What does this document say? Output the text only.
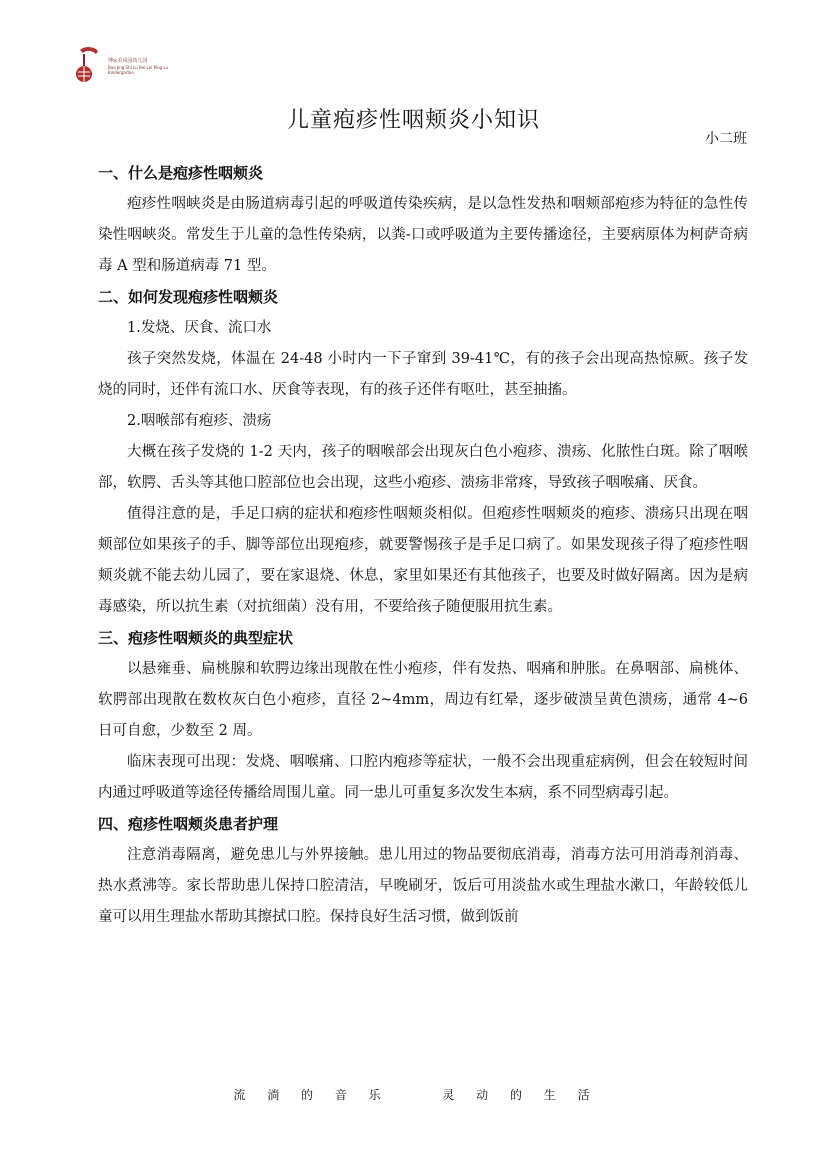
博◎美凤园幼儿园
Bao Jing Shi Lu Bei Lei Ping Lu Kindergarten
儿童疱疹性咽颊炎小知识
小二班
一、什么是疱疹性咽颊炎

疱疹性咽峡炎是由肠道病毒引起的呼吸道传染疾病，是以急性发热和咽颊部疱疹为特征的急性传染性咽峡炎。常发生于儿童的急性传染病，以粪-口或呼吸道为主要传播途径，主要病原体为柯萨奇病毒 A 型和肠道病毒 71 型。

二、如何发现疱疹性咽颊炎

1.发烧、厌食、流口水

孩子突然发烧，体温在 24-48 小时内一下子窜到 39-41℃，有的孩子会出现高热惊厥。孩子发烧的同时，还伴有流口水、厌食等表现，有的孩子还伴有呕吐，甚至抽搐。

2.咽喉部有疱疹、溃疡

大概在孩子发烧的 1-2 天内，孩子的咽喉部会出现灰白色小疱疹、溃疡、化脓性白斑。除了咽喉部，软腭、舌头等其他口腔部位也会出现，这些小疱疹、溃疡非常疼，导致孩子咽喉痛、厌食。

值得注意的是，手足口病的症状和疱疹性咽颊炎相似。但疱疹性咽颊炎的疱疹、溃疡只出现在咽颊部位如果孩子的手、脚等部位出现疱疹，就要警惕孩子是手足口病了。如果发现孩子得了疱疹性咽颊炎就不能去幼儿园了，要在家退烧、休息，家里如果还有其他孩子，也要及时做好隔离。因为是病毒感染，所以抗生素（对抗细菌）没有用，不要给孩子随便服用抗生素。

三、疱疹性咽颊炎的典型症状

以悬雍垂、扁桃腺和软腭边缘出现散在性小疱疹，伴有发热、咽痛和肿胀。在鼻咽部、扁桃体、软腭部出现散在数枚灰白色小疱疹，直径 2~4mm，周边有红晕，逐步破溃呈黄色溃疡，通常 4~6 日可自愈，少数至 2 周。

临床表现可出现：发烧、咽喉痛、口腔内疱疹等症状，一般不会出现重症病例，但会在较短时间内通过呼吸道等途径传播给周围儿童。同一患儿可重复多次发生本病，系不同型病毒引起。

四、疱疹性咽颊炎患者护理

注意消毒隔离，避免患儿与外界接触。患儿用过的物品要彻底消毒，消毒方法可用消毒剂消毒、热水煮沸等。家长帮助患儿保持口腔清洁，早晚刷牙，饭后可用淡盐水或生理盐水漱口，年龄较低儿童可以用生理盐水帮助其擦拭口腔。保持良好生活习惯，做到饭前

流 淌 的 音 乐	灵 动 的 生 活
